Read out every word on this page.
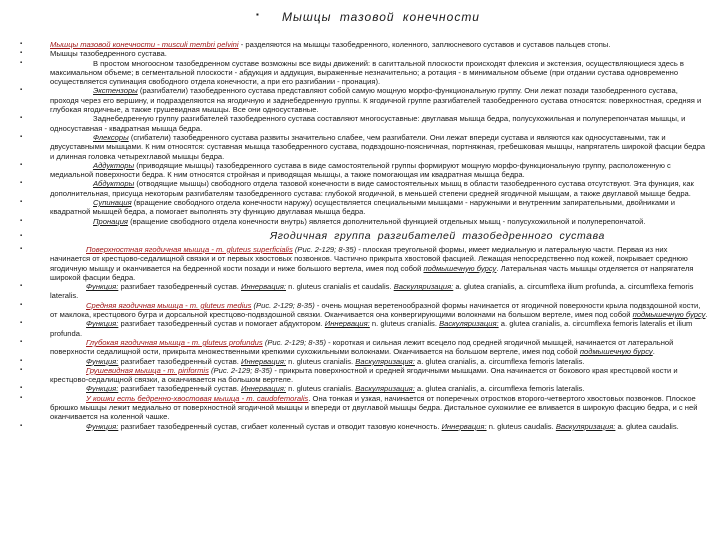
▪ Мышцы тазовой конечности

▪	Мышцы тазовой конечности - musculi membri pelvini - разделяются на мышцы тазобедренного, коленного, заплюсневого суставов и суставов пальцев стопы.

▪	Мышцы тазобедренного сустава.

▪	В простом многоосном тазобедренном суставе возможны все виды движений: в сагиттальной плоскости происходят флексия и экстензия, осуществляющиеся здесь в максимальном объеме; в сегментальной плоскости - абдукция и аддукция, выраженные незначительно; а ротация - в минимальном объеме (при отдании сустава одновременно осуществляется супинация свободного отдела конечности, а при его разгибании - пронация).

▪	Экстензоры (разгибатели) тазобедренного сустава представляют собой самую мощную морфо-функциональную группу. Они лежат позади тазобедренного сустава, проходя через его вершину, и подразделяются на ягодичную и заднебедренную группы. К ягодичной группе разгибателей тазобедренного сустава относятся: поверхностная, средняя и глубокая ягодичные, а также грушевидная мышцы. Все они односуставные.

▪	Заднебедренную группу разгибателей тазобедренного сустава составляют многосуставные: двуглавая мышца бедра, полусухожильная и полуперепончатая мышцы, и односуставная - квадратная мышца бедра.

▪	Флексоры (сгибатели) тазобедренного сустава развиты значительно слабее, чем разгибатели. Они лежат впереди сустава и являются как односуставными, так и двусуставными мышцами. К ним относятся: суставная мышца тазобедренного сустава, подвздошно-поясничная, портняжная, гребешковая мышцы, напрягатель широкой фасции бедра и длинная головка четырехглавой мышцы бедра.

▪	Аддукторы (приводящие мышцы) тазобедренного сустава в виде самостоятельной группы формируют мощную морфо-функциональную группу, расположенную с медиальной поверхности бедра. К ним относятся стройная и приводящая мышцы, а также помогающая им квадратная мышца бедра.

▪	Абдукторы (отводящие мышцы) свободного отдела тазовой конечности в виде самостоятельных мышц в области тазобедренного сустава отсутствуют. Эта функция, как дополнительная, присуща некоторым разгибателям тазобедренного сустава: глубокой ягодичной, в меньшей степени средней ягодичной мышцам, а также двуглавой мышце бедра.

▪	Супинация (вращение свободного отдела конечности наружу) осуществляется специальными мышцами - наружными и внутренним запирательными, двойниками и квадратной мышцей бедра, а помогает выполнять эту функцию двуглавая мышца бедра.

▪	Пронация (вращение свободного отдела конечности внутрь) является дополнительной функцией отдельных мышц - полусухожильной и полуперепончатой.

▪	Ягодичная группа разгибателей тазобедренного сустава

▪	Поверхностная ягодичная мышца - m. gluteus superficialis (Рис. 2-129; 8-35) - плоская треугольной формы, имеет медиальную и латеральную части. Первая из них начинается от крестцово-седалищной связки и от первых хвостовых позвонков. Частично прикрыта хвостовой фасцией. Лежащая непосредственно под кожей, покрывает среднюю ягодичную мышцу и оканчивается на бедренной кости позади и ниже большого вертела, имея под собой подмышечную бурсу. Латеральная часть мышцы отделяется от напрягателя широкой фасции бедра.

▪	Функция: разгибает тазобедренный сустав. Иннервация: n. gluteus cranialis et caudalis. Васкуляризация: a. glutea cranialis, a. circumflexa ilium profunda, a. circumflexa femoris lateralis.

▪	Средняя ягодичная мышца - m. gluteus medius (Рис. 2-129; 8-35) - очень мощная веретенообразной формы начинается от ягодичной поверхности крыла подвздошной кости, от маклока, крестцового бугра и дорсальной крестцово-подвздошной связки. Оканчивается она конвергирующими волокнами на большом вертеле, имея под собой подмышечную бурсу.

▪	Функция: разгибает тазобедренный сустав и помогает абдуктором. Иннервация: n. gluteus cranialis. Васкуляризация: a. glutea cranialis, a. circumflexa femoris lateralis et ilium profunda.

▪	Глубокая ягодичная мышца - m. gluteus profundus (Рис. 2-129; 8-35) - короткая и сильная лежит всецело под средней ягодичной мышцей, начинается от латеральной поверхности седалищной ости, прикрыта множественными крепкими сухожильными волокнами. Оканчивается на большом вертеле, имея под собой подмышечную бурсу.

▪	Функция: разгибает тазобедренный сустав. Иннервация: n. gluteus cranialis. Васкуляризация: a. glutea cranialis, a. circumflexa femoris lateralis.

▪	Грушевидная мышца - m. piriformis (Рис. 2-129; 8-35) - прикрыта поверхностной и средней ягодичными мышцами. Она начинается от бокового края крестцовой кости и крестцово-седалищной связки, а оканчивается на большом вертеле.

▪	Функция: разгибает тазобедренный сустав. Иннервация: n. gluteus cranialis. Васкуляризация: a. glutea cranialis, a. circumflexa femoris lateralis.

▪	У кошки есть бедренно-хвостовая мышца - m. caudofemoralis. Она тонкая и узкая, начинается от поперечных отростков второго-четвертого хвостовых позвонков. Плоское брюшко мышцы лежит медиально от поверхностной ягодичной мышцы и впереди от двуглавой мышцы бедра. Дистальное сухожилие ее вливается в широкую фасцию бедра, и с ней оканчивается на коленной чашке.

▪	Функция: разгибает тазобедренный сустав, сгибает коленный сустав и отводит тазовую конечность. Иннервация: n. gluteus caudalis. Васкуляризация: a. glutea caudalis.
